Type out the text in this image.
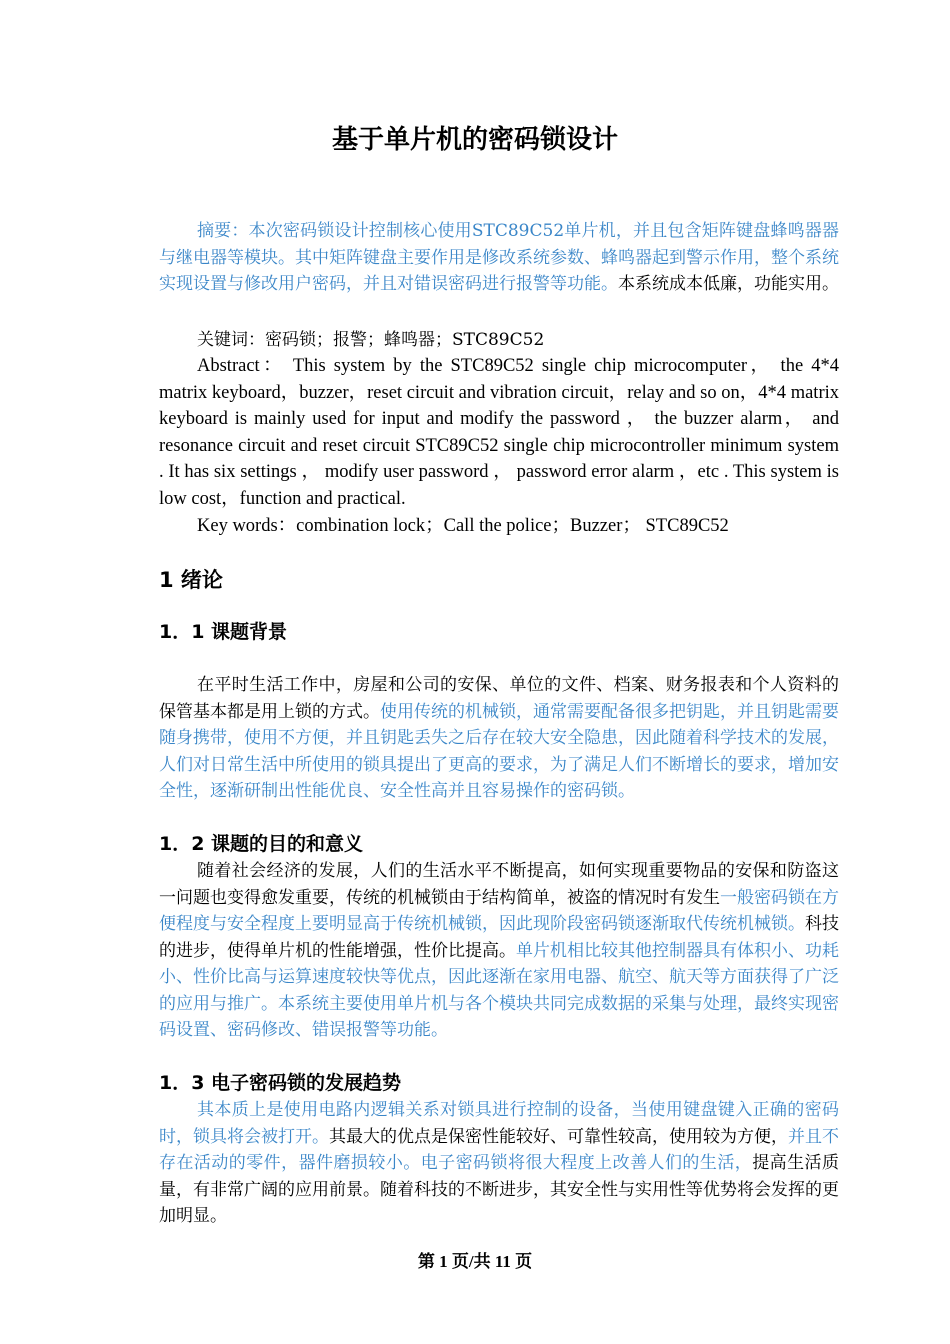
基于单片机的密码锁设计
摘要：本次密码锁设计控制核心使用STC89C52单片机，并且包含矩阵键盘蜂鸣器器与继电器等模块。其中矩阵键盘主要作用是修改系统参数、蜂鸣器起到警示作用，整个系统实现设置与修改用户密码，并且对错误密码进行报警等功能。本系统成本低廉，功能实用。
关键词：密码锁；报警；蜂鸣器；STC89C52
Abstract： This system by the STC89C52 single chip microcomputer， the 4*4 matrix keyboard，buzzer，reset circuit and vibration circuit，relay and so on，4*4 matrix keyboard is mainly used for input and modify the password ， the buzzer alarm， and resonance circuit and reset circuit STC89C52 single chip microcontroller minimum system . It has six settings ， modify user password ， password error alarm ，etc . This system is low cost，function and practical.
Key words：combination lock；Call the police；Buzzer； STC89C52
1 绪论
1．1 课题背景
在平时生活工作中，房屋和公司的安保、单位的文件、档案、财务报表和个人资料的保管基本都是用上锁的方式。使用传统的机械锁，通常需要配备很多把钥匙，并且钥匙需要随身携带，使用不方便，并且钥匙丢失之后存在较大安全隐患，因此随着科学技术的发展，人们对日常生活中所使用的锁具提出了更高的要求，为了满足人们不断增长的要求，增加安全性，逐渐研制出性能优良、安全性高并且容易操作的密码锁。
1．2 课题的目的和意义
随着社会经济的发展，人们的生活水平不断提高，如何实现重要物品的安保和防盗这一问题也变得愈发重要，传统的机械锁由于结构简单，被盗的情况时有发生一般密码锁在方便程度与安全程度上要明显高于传统机械锁，因此现阶段密码锁逐渐取代传统机械锁。科技的进步，使得单片机的性能增强，性价比提高。单片机相比较其他控制器具有体积小、功耗小、性价比高与运算速度较快等优点，因此逐渐在家用电器、航空、航天等方面获得了广泛的应用与推广。本系统主要使用单片机与各个模块共同完成数据的采集与处理，最终实现密码设置、密码修改、错误报警等功能。
1．3 电子密码锁的发展趋势
其本质上是使用电路内逻辑关系对锁具进行控制的设备，当使用键盘键入正确的密码时，锁具将会被打开。其最大的优点是保密性能较好、可靠性较高，使用较为方便，并且不存在活动的零件，器件磨损较小。电子密码锁将很大程度上改善人们的生活，提高生活质量，有非常广阔的应用前景。随着科技的不断进步，其安全性与实用性等优势将会发挥的更加明显。
第 1 页/共 11 页
